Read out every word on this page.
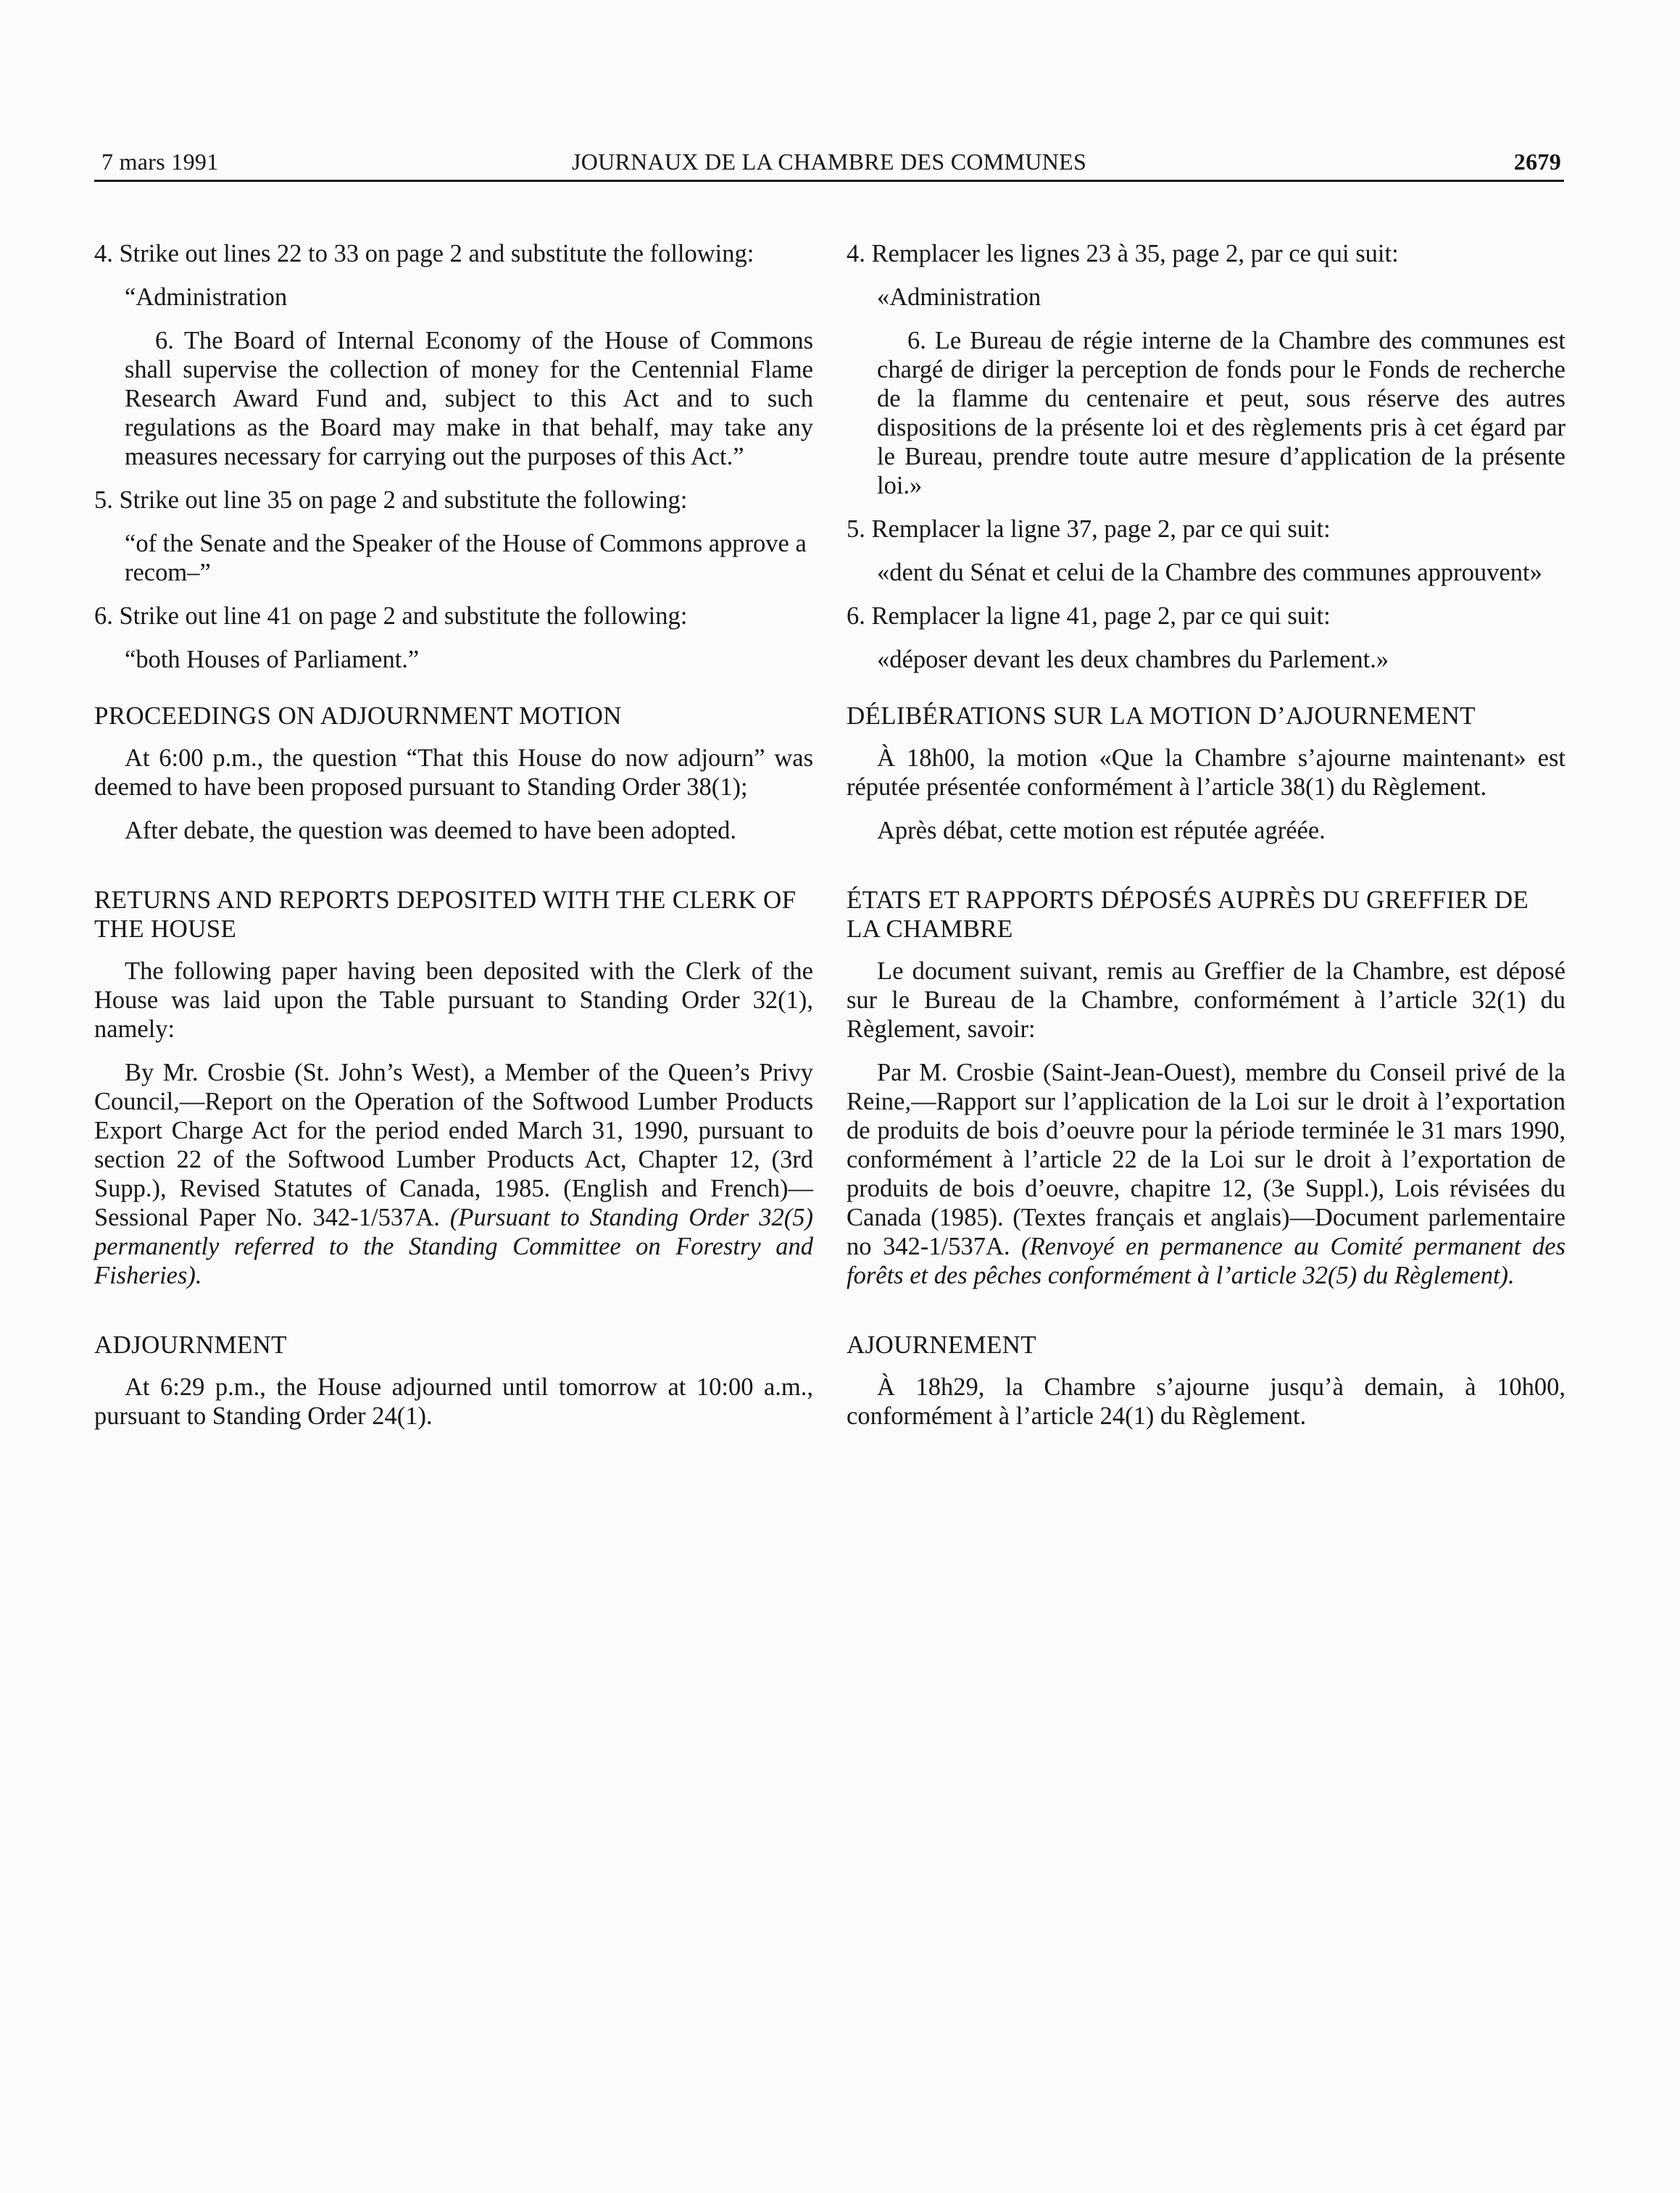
7 mars 1991	JOURNAUX DE LA CHAMBRE DES COMMUNES	2679

4. Strike out lines 22 to 33 on page 2 and substitute the following:

“Administration

6. The Board of Internal Economy of the House of Commons shall supervise the collection of money for the Centennial Flame Research Award Fund and, subject to this Act and to such regulations as the Board may make in that behalf, may take any measures necessary for carrying out the purposes of this Act.”

5. Strike out line 35 on page 2 and substitute the following:

“of the Senate and the Speaker of the House of Commons approve a recom–”

6. Strike out line 41 on page 2 and substitute the following:

“both Houses of Parliament.”

PROCEEDINGS ON ADJOURNMENT MOTION

At 6:00 p.m., the question “That this House do now adjourn” was deemed to have been proposed pursuant to Standing Order 38(1);

After debate, the question was deemed to have been adopted.

RETURNS AND REPORTS DEPOSITED WITH THE CLERK OF THE HOUSE

The following paper having been deposited with the Clerk of the House was laid upon the Table pursuant to Standing Order 32(1), namely:

By Mr. Crosbie (St. John’s West), a Member of the Queen’s Privy Council,—Report on the Operation of the Softwood Lumber Products Export Charge Act for the period ended March 31, 1990, pursuant to section 22 of the Softwood Lumber Products Act, Chapter 12, (3rd Supp.), Revised Statutes of Canada, 1985. (English and French)—Sessional Paper No. 342-1/537A. (Pursuant to Standing Order 32(5) permanently referred to the Standing Committee on Forestry and Fisheries).

ADJOURNMENT

At 6:29 p.m., the House adjourned until tomorrow at 10:00 a.m., pursuant to Standing Order 24(1).

4. Remplacer les lignes 23 à 35, page 2, par ce qui suit:

«Administration

6. Le Bureau de régie interne de la Chambre des communes est chargé de diriger la perception de fonds pour le Fonds de recherche de la flamme du centenaire et peut, sous réserve des autres dispositions de la présente loi et des règlements pris à cet égard par le Bureau, prendre toute autre mesure d’application de la présente loi.»

5. Remplacer la ligne 37, page 2, par ce qui suit:

«dent du Sénat et celui de la Chambre des communes approuvent»

6. Remplacer la ligne 41, page 2, par ce qui suit:

«déposer devant les deux chambres du Parlement.»

DÉLIBÉRATIONS SUR LA MOTION D’AJOURNEMENT

À 18h00, la motion «Que la Chambre s’ajourne maintenant» est réputée présentée conformément à l’article 38(1) du Règlement.

Après débat, cette motion est réputée agréée.

ÉTATS ET RAPPORTS DÉPOSÉS AUPRÈS DU GREFFIER DE LA CHAMBRE

Le document suivant, remis au Greffier de la Chambre, est déposé sur le Bureau de la Chambre, conformément à l’article 32(1) du Règlement, savoir:

Par M. Crosbie (Saint-Jean-Ouest), membre du Conseil privé de la Reine,—Rapport sur l’application de la Loi sur le droit à l’exportation de produits de bois d’oeuvre pour la période terminée le 31 mars 1990, conformément à l’article 22 de la Loi sur le droit à l’exportation de produits de bois d’oeuvre, chapitre 12, (3e Suppl.), Lois révisées du Canada (1985). (Textes français et anglais)—Document parlementaire no 342-1/537A. (Renvoyé en permanence au Comité permanent des forêts et des pêches conformément à l’article 32(5) du Règlement).

AJOURNEMENT

À 18h29, la Chambre s’ajourne jusqu’à demain, à 10h00, conformément à l’article 24(1) du Règlement.
